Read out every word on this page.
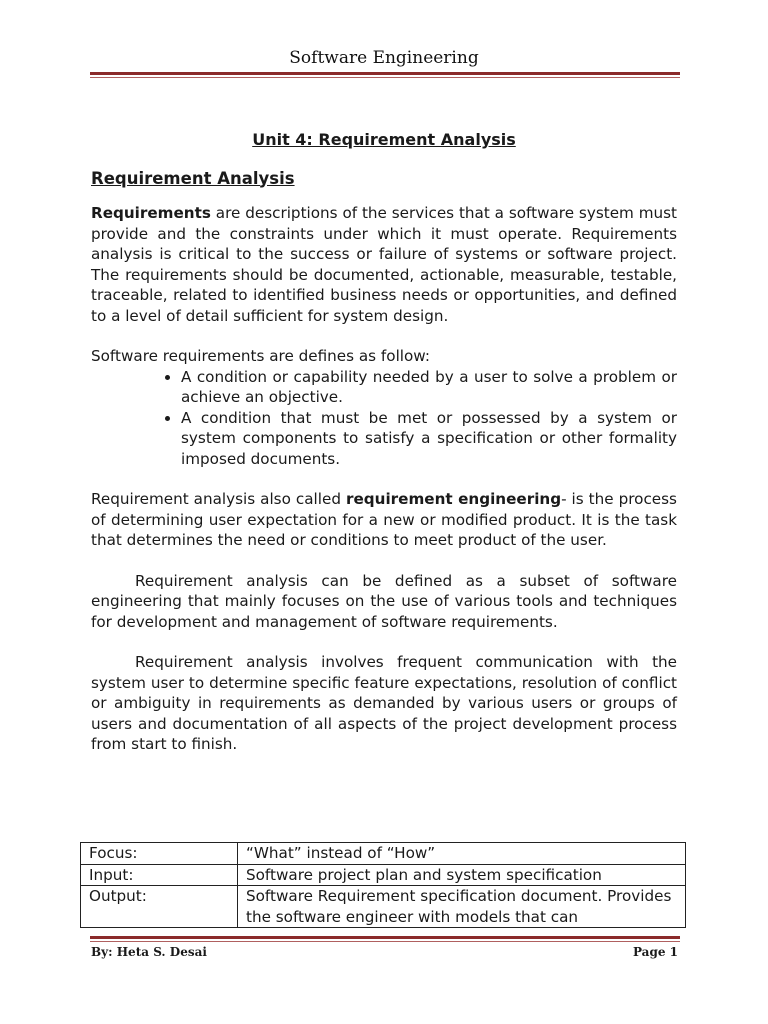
Software Engineering
Unit 4: Requirement Analysis
Requirement Analysis

Requirements are descriptions of the services that a software system must provide and the constraints under which it must operate. Requirements analysis is critical to the success or failure of systems or software project. The requirements should be documented, actionable, measurable, testable, traceable, related to identified business needs or opportunities, and defined to a level of detail sufficient for system design.

Software requirements are defines as follow:

• A condition or capability needed by a user to solve a problem or achieve an objective.
• A condition that must be met or possessed by a system or system components to satisfy a specification or other formality imposed documents.

Requirement analysis also called requirement engineering- is the process of determining user expectation for a new or modified product. It is the task that determines the need or conditions to meet product of the user.

Requirement analysis can be defined as a subset of software engineering that mainly focuses on the use of various tools and techniques for development and management of software requirements.

Requirement analysis involves frequent communication with the system user to determine specific feature expectations, resolution of conflict or ambiguity in requirements as demanded by various users or groups of users and documentation of all aspects of the project development process from start to finish.

Focus:	“What” instead of “How”
Input:	Software project plan and system specification
Output:	Software Requirement specification document. Provides the software engineer with models that can
By: Heta S. Desai	Page 1
